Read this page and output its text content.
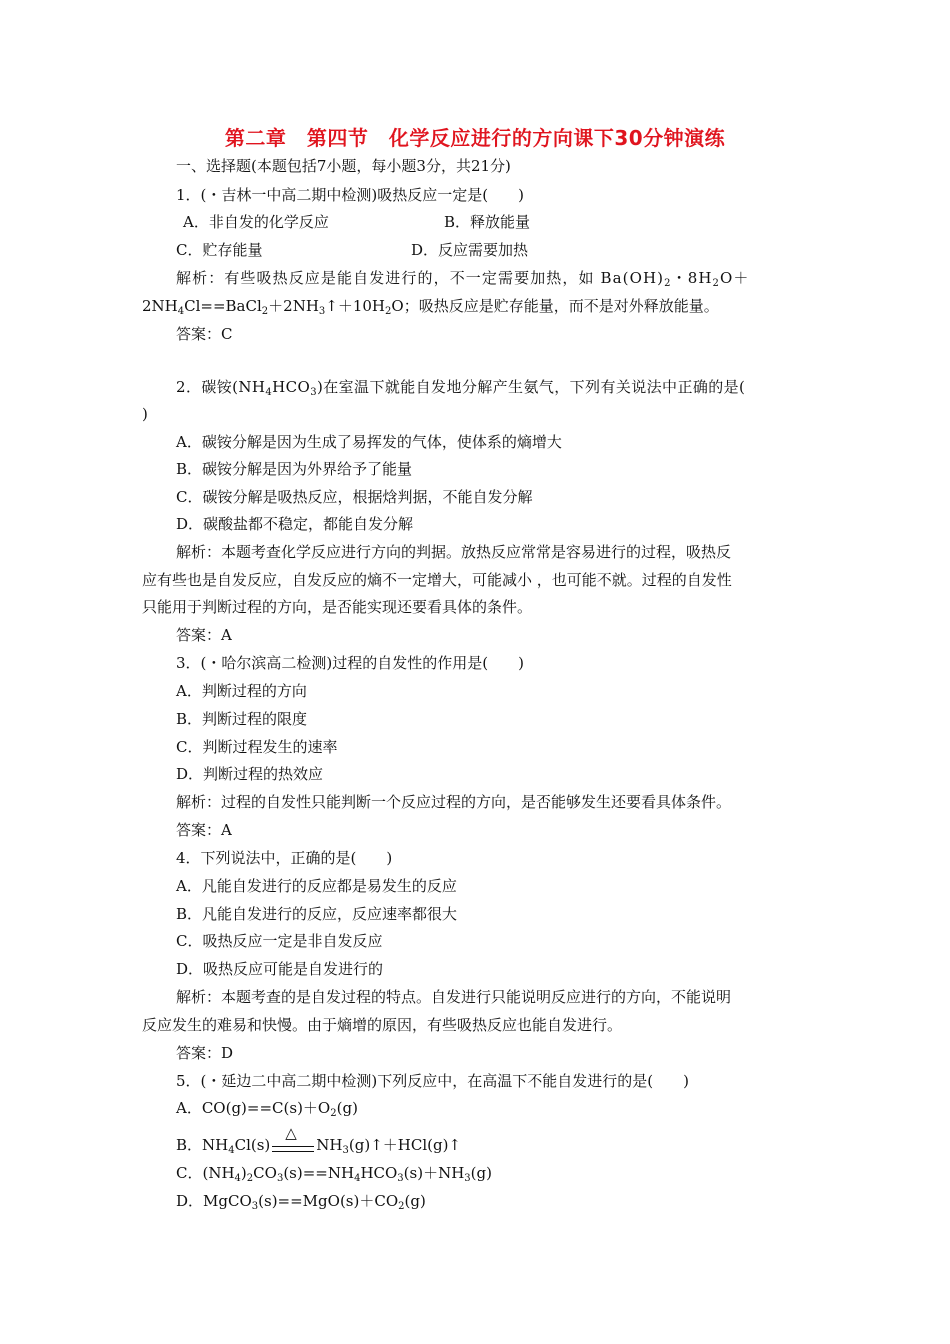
第二章　第四节　化学反应进行的方向课下30分钟演练
一、选择题(本题包括7小题，每小题3分，共21分)
1．(・吉林一中高二期中检测)吸热反应一定是(　　)
A．非自发的化学反应	B．释放能量
C．贮存能量	D．反应需要加热
解析：有些吸热反应是能自发进行的，不一定需要加热，如 $Ba(OH)_2$・$8H_2O+$
$2NH_4Cl==BaCl_2+2NH_3↑+10H_2O$；吸热反应是贮存能量，而不是对外释放能量。
答案：C
2．碳铵$(NH_4HCO_3)$在室温下就能自发地分解产生氨气，下列有关说法中正确的是(
)
A．碳铵分解是因为生成了易挥发的气体，使体系的熵增大
B．碳铵分解是因为外界给予了能量
C．碳铵分解是吸热反应，根据焓判据，不能自发分解
D．碳酸盐都不稳定，都能自发分解
解析：本题考查化学反应进行方向的判据。放热反应常常是容易进行的过程，吸热反
应有些也是自发反应，自发反应的熵不一定增大，可能减小 ，也可能不就。过程的自发性
只能用于判断过程的方向，是否能实现还要看具体的条件。
答案：A
3．(・哈尔滨高二检测)过程的自发性的作用是(　　)
A．判断过程的方向
B．判断过程的限度
C．判断过程发生的速率
D．判断过程的热效应
解析：过程的自发性只能判断一个反应过程的方向，是否能够发生还要看具体条件。
答案：A
4．下列说法中，正确的是(　　)
A．凡能自发进行的反应都是易发生的反应
B．凡能自发进行的反应，反应速率都很大
C．吸热反应一定是非自发反应
D．吸热反应可能是自发进行的
解析：本题考查的是自发过程的特点。自发进行只能说明反应进行的方向，不能说明
反应发生的难易和快慢。由于熵增的原因，有些吸热反应也能自发进行。
答案：D
5．(・延边二中高二期中检测)下列反应中，在高温下不能自发进行的是(　　)
A．$CO(g)==C(s)+O_2(g)$
B．$NH_4Cl(s)$
△
$NH_3(g)↑+HCl(g)↑$
C．$(NH_4)_2CO_3(s)==NH_4HCO_3(s)+NH_3(g)$
D．$MgCO_3(s)==MgO(s)+CO_2(g)$
